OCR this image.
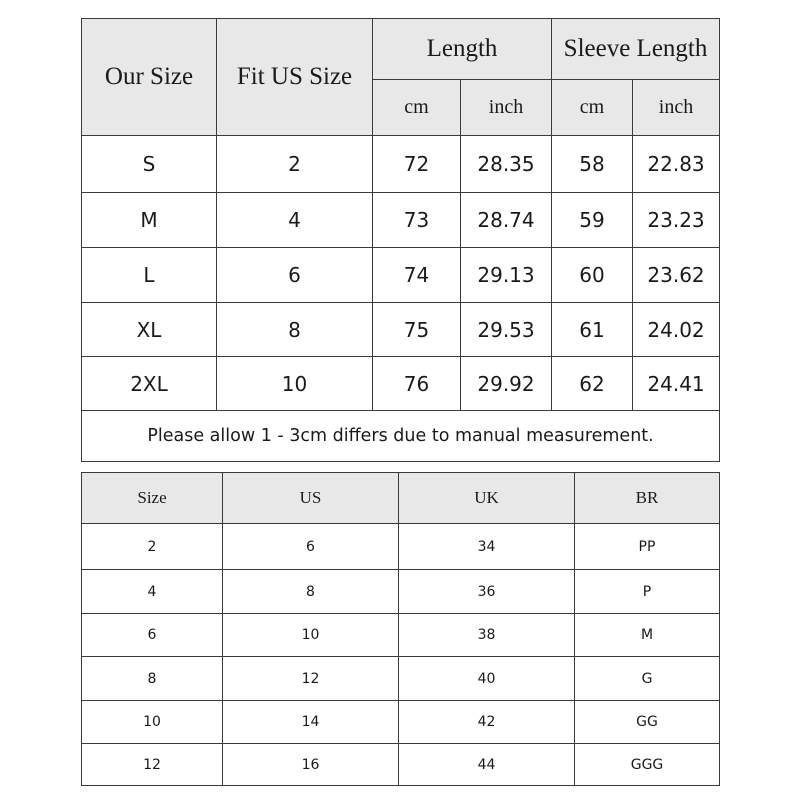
Our Size	Fit US Size	Length		Sleeve Length	
		cm	inch	cm	inch
S	2	72	28.35	58	22.83
M	4	73	28.74	59	23.23
L	6	74	29.13	60	23.62
XL	8	75	29.53	61	24.02
2XL	10	76	29.92	62	24.41
Please allow 1 - 3cm differs due to manual measurement.					
Size	US	UK	BR
2	6	34	PP
4	8	36	P
6	10	38	M
8	12	40	G
10	14	42	GG
12	16	44	GGG
